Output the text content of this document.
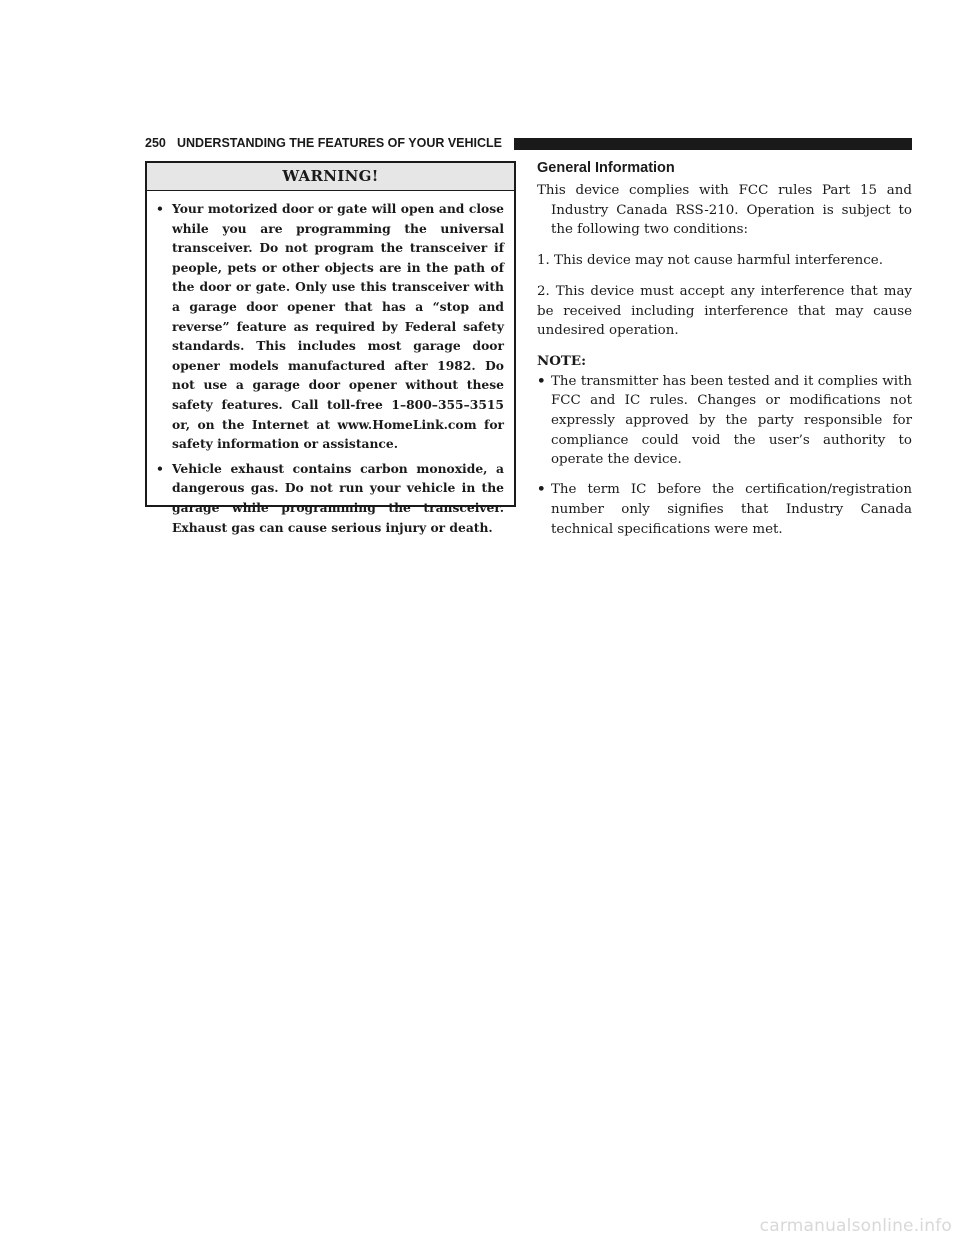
250 UNDERSTANDING THE FEATURES OF YOUR VEHICLE
WARNING!
• Your motorized door or gate will open and close while you are programming the universal transceiver. Do not program the transceiver if people, pets or other objects are in the path of the door or gate. Only use this transceiver with a garage door opener that has a “stop and reverse” feature as required by Federal safety standards. This includes most garage door opener models manufactured after 1982. Do not use a garage door opener without these safety features. Call toll-free 1–800–355–3515 or, on the Internet at www.HomeLink.com for safety information or assistance.
• Vehicle exhaust contains carbon monoxide, a dangerous gas. Do not run your vehicle in the garage while programming the transceiver. Exhaust gas can cause serious injury or death.
General Information

This device complies with FCC rules Part 15 and Industry Canada RSS-210. Operation is subject to the following two conditions:

1. This device may not cause harmful interference.

2. This device must accept any interference that may be received including interference that may cause undesired operation.

NOTE:

• The transmitter has been tested and it complies with FCC and IC rules. Changes or modifications not expressly approved by the party responsible for compliance could void the user’s authority to operate the device.
• The term IC before the certification/registration number only signifies that Industry Canada technical specifications were met.
carmanualsonline.info
